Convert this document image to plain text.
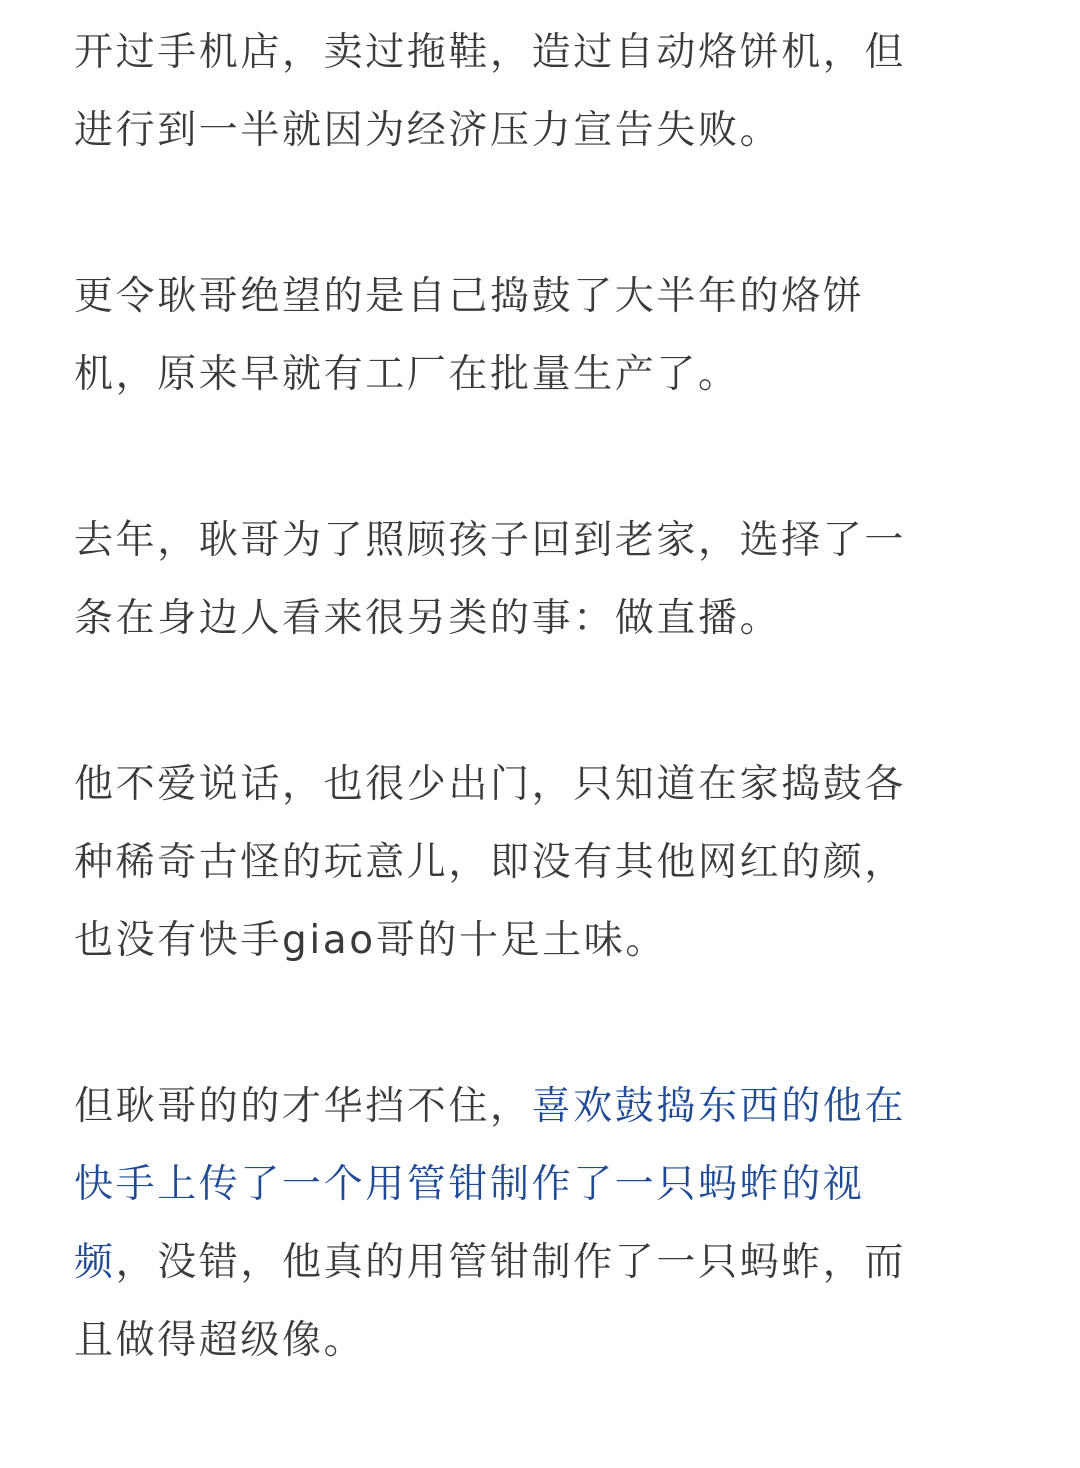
开过手机店，卖过拖鞋，造过自动烙饼机，但
进行到一半就因为经济压力宣告失败。

更令耿哥绝望的是自己捣鼓了大半年的烙饼
机，原来早就有工厂在批量生产了。

去年，耿哥为了照顾孩子回到老家，选择了一
条在身边人看来很另类的事：做直播。

他不爱说话，也很少出门，只知道在家捣鼓各
种稀奇古怪的玩意儿，即没有其他网红的颜，
也没有快手giao哥的十足土味。

但耿哥的的才华挡不住，喜欢鼓捣东西的他在
快手上传了一个用管钳制作了一只蚂蚱的视
频，没错，他真的用管钳制作了一只蚂蚱，而
且做得超级像。
